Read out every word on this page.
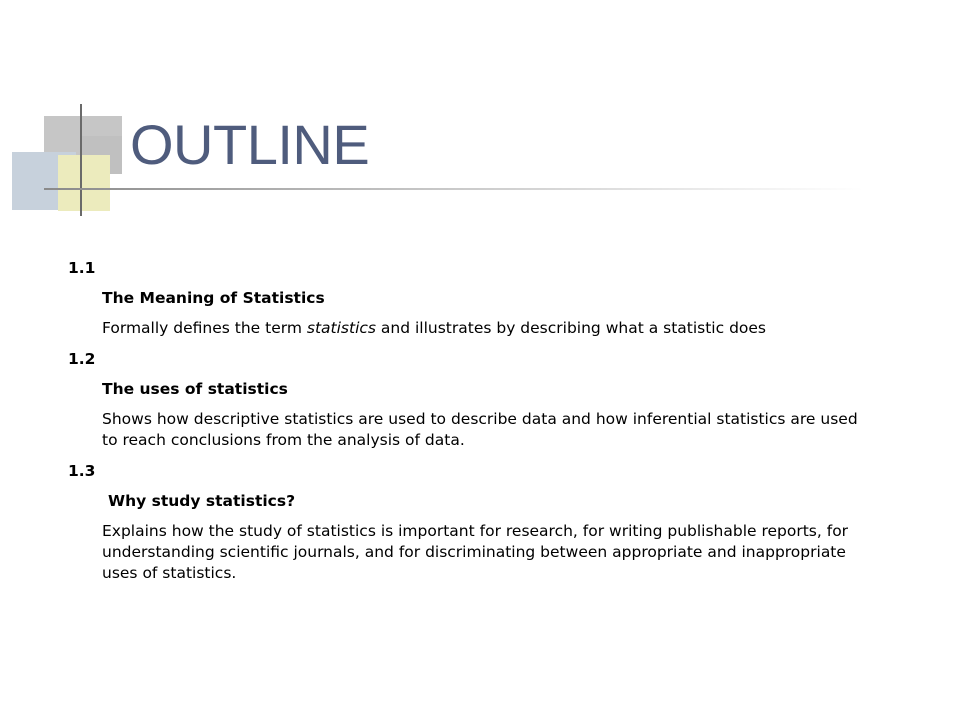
OUTLINE

1.1

The Meaning of Statistics

Formally defines the term statistics and illustrates by describing what a statistic does

1.2

The uses of statistics

Shows how descriptive statistics are used to describe data and how inferential statistics are used to reach conclusions from the analysis of data.

1.3

Why study statistics?

Explains how the study of statistics is important for research, for writing publishable reports, for understanding scientific journals, and for discriminating between appropriate and inappropriate uses of statistics.
